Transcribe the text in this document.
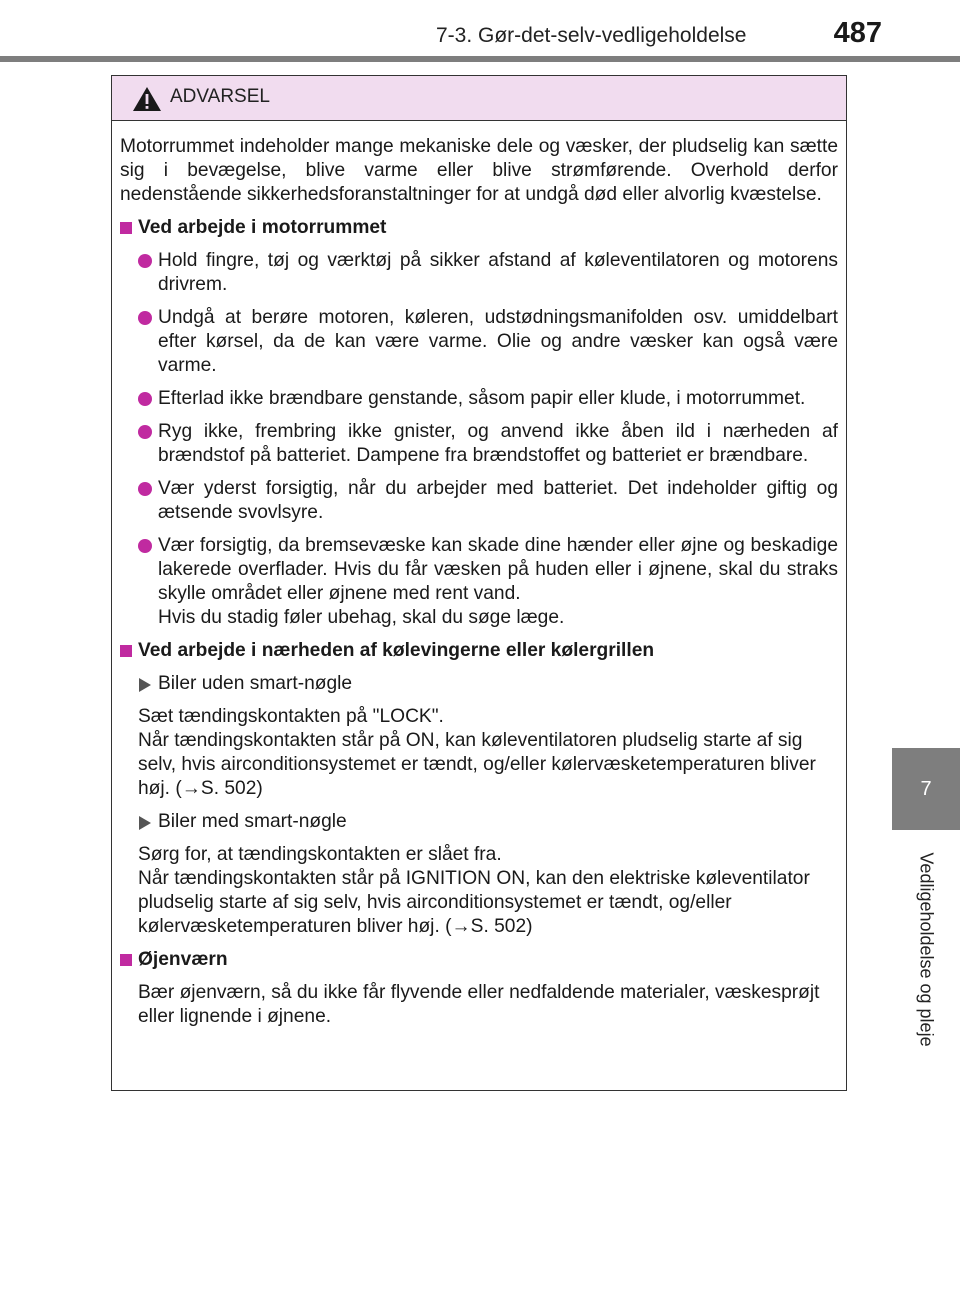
7-3. Gør-det-selv-vedligeholdelse	487
7
Vedligeholdelse og pleje
ADVARSEL

Motorrummet indeholder mange mekaniske dele og væsker, der pludselig kan sætte sig i bevægelse, blive varme eller blive strømførende. Overhold derfor nedenstående sikkerhedsforanstaltninger for at undgå død eller alvorlig kvæstelse.

Ved arbejde i motorrummet
Hold fingre, tøj og værktøj på sikker afstand af køleventilatoren og motorens drivrem.
Undgå at berøre motoren, køleren, udstødningsmanifolden osv. umiddelbart efter kørsel, da de kan være varme. Olie og andre væsker kan også være varme.
Efterlad ikke brændbare genstande, såsom papir eller klude, i motorrummet.
Ryg ikke, frembring ikke gnister, og anvend ikke åben ild i nærheden af brændstof på batteriet. Dampene fra brændstoffet og batteriet er brændbare.
Vær yderst forsigtig, når du arbejder med batteriet. Det indeholder giftig og ætsende svovlsyre.
Vær forsigtig, da bremsevæske kan skade dine hænder eller øjne og beskadige lakerede overflader. Hvis du får væsken på huden eller i øjnene, skal du straks skylle området eller øjnene med rent vand.
Hvis du stadig føler ubehag, skal du søge læge.
Ved arbejde i nærheden af kølevingerne eller kølergrillen
Biler uden smart-nøgle
Sæt tændingskontakten på "LOCK".
Når tændingskontakten står på ON, kan køleventilatoren pludselig starte af sig selv, hvis airconditionsystemet er tændt, og/eller kølervæsketemperaturen bliver høj. (→S. 502)
Biler med smart-nøgle
Sørg for, at tændingskontakten er slået fra.
Når tændingskontakten står på IGNITION ON, kan den elektriske køleventilator pludselig starte af sig selv, hvis airconditionsystemet er tændt, og/eller kølervæsketemperaturen bliver høj. (→S. 502)
Øjenværn
Bær øjenværn, så du ikke får flyvende eller nedfaldende materialer, væskesprøjt eller lignende i øjnene.
